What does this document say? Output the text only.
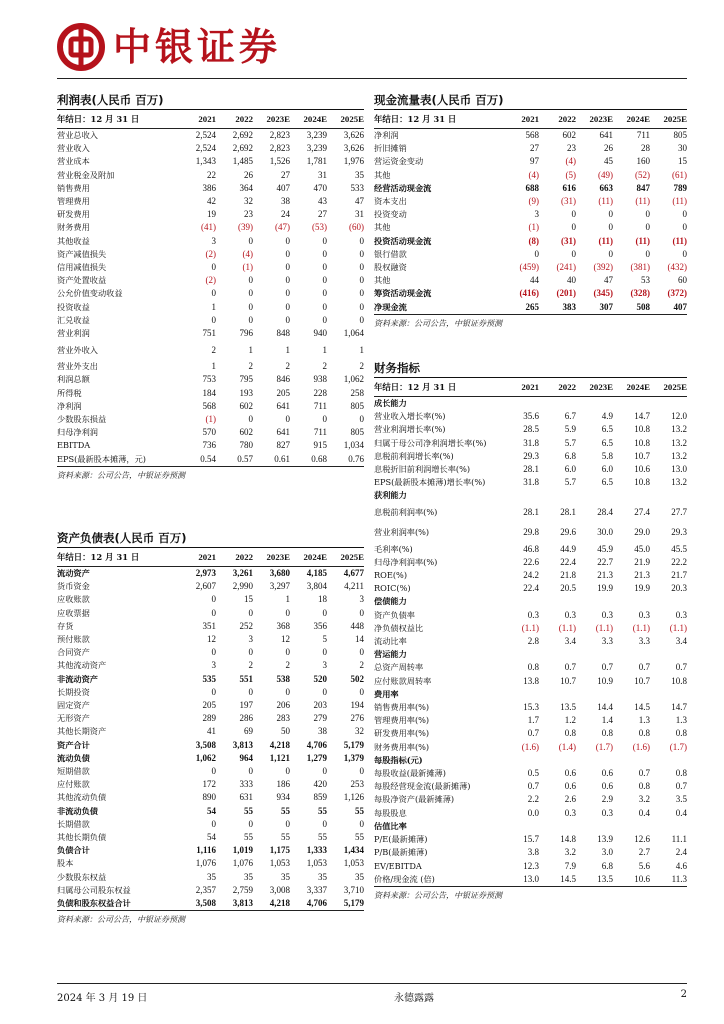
中银证券
利润表(人民币 百万)
年结日：12 月 31 日	2021	2022	2023E	2024E	2025E
营业总收入	2,524	2,692	2,823	3,239	3,626
营业收入	2,524	2,692	2,823	3,239	3,626
营业成本	1,343	1,485	1,526	1,781	1,976
营业税金及附加	22	26	27	31	35
销售费用	386	364	407	470	533
管理费用	42	32	38	43	47
研发费用	19	23	24	27	31
财务费用	(41)	(39)	(47)	(53)	(60)
其他收益	3	0	0	0	0
资产减值损失	(2)	(4)	0	0	0
信用减值损失	0	(1)	0	0	0
资产处置收益	(2)	0	0	0	0
公允价值变动收益	0	0	0	0	0
投资收益	1	0	0	0	0
汇兑收益	0	0	0	0	0
营业利润	751	796	848	940	1,064
营业外收入	2	1	1	1	1
营业外支出	1	2	2	2	2
利润总额	753	795	846	938	1,062
所得税	184	193	205	228	258
净利润	568	602	641	711	805
少数股东损益	(1)	0	0	0	0
归母净利润	570	602	641	711	805
EBITDA	736	780	827	915	1,034
EPS(最新股本摊薄，元)	0.54	0.57	0.61	0.68	0.76
资料来源：公司公告，中银证券预测
资产负债表(人民币 百万)
年结日：12 月 31 日	2021	2022	2023E	2024E	2025E
流动资产	2,973	3,261	3,680	4,185	4,677
货币资金	2,607	2,990	3,297	3,804	4,211
应收账款	0	15	1	18	3
应收票据	0	0	0	0	0
存货	351	252	368	356	448
预付账款	12	3	12	5	14
合同资产	0	0	0	0	0
其他流动资产	3	2	2	3	2
非流动资产	535	551	538	520	502
长期投资	0	0	0	0	0
固定资产	205	197	206	203	194
无形资产	289	286	283	279	276
其他长期资产	41	69	50	38	32
资产合计	3,508	3,813	4,218	4,706	5,179
流动负债	1,062	964	1,121	1,279	1,379
短期借款	0	0	0	0	0
应付账款	172	333	186	420	253
其他流动负债	890	631	934	859	1,126
非流动负债	54	55	55	55	55
长期借款	0	0	0	0	0
其他长期负债	54	55	55	55	55
负债合计	1,116	1,019	1,175	1,333	1,434
股本	1,076	1,076	1,053	1,053	1,053
少数股东权益	35	35	35	35	35
归属母公司股东权益	2,357	2,759	3,008	3,337	3,710
负债和股东权益合计	3,508	3,813	4,218	4,706	5,179
资料来源：公司公告，中银证券预测
现金流量表(人民币 百万)
年结日：12 月 31 日	2021	2022	2023E	2024E	2025E
净利润	568	602	641	711	805
折旧摊销	27	23	26	28	30
营运资金变动	97	(4)	45	160	15
其他	(4)	(5)	(49)	(52)	(61)
经营活动现金流	688	616	663	847	789
资本支出	(9)	(31)	(11)	(11)	(11)
投资变动	3	0	0	0	0
其他	(1)	0	0	0	0
投资活动现金流	(8)	(31)	(11)	(11)	(11)
银行借款	0	0	0	0	0
股权融资	(459)	(241)	(392)	(381)	(432)
其他	44	40	47	53	60
筹资活动现金流	(416)	(201)	(345)	(328)	(372)
净现金流	265	383	307	508	407
资料来源：公司公告，中银证券预测
财务指标
年结日：12 月 31 日	2021	2022	2023E	2024E	2025E
成长能力					
营业收入增长率(%)	35.6	6.7	4.9	14.7	12.0
营业利润增长率(%)	28.5	5.9	6.5	10.8	13.2
归属于母公司净利润增长率(%)	31.8	5.7	6.5	10.8	13.2
息税前利润增长率(%)	29.3	6.8	5.8	10.7	13.2
息税折旧前利润增长率(%)	28.1	6.0	6.0	10.6	13.0
EPS(最新股本摊薄)增长率(%)	31.8	5.7	6.5	10.8	13.2
获利能力					
息税前利润率(%)	28.1	28.1	28.4	27.4	27.7
营业利润率(%)	29.8	29.6	30.0	29.0	29.3
毛利率(%)	46.8	44.9	45.9	45.0	45.5
归母净利润率(%)	22.6	22.4	22.7	21.9	22.2
ROE(%)	24.2	21.8	21.3	21.3	21.7
ROIC(%)	22.4	20.5	19.9	19.9	20.3
偿债能力					
资产负债率	0.3	0.3	0.3	0.3	0.3
净负债权益比	(1.1)	(1.1)	(1.1)	(1.1)	(1.1)
流动比率	2.8	3.4	3.3	3.3	3.4
营运能力					
总资产周转率	0.8	0.7	0.7	0.7	0.7
应付账款周转率	13.8	10.7	10.9	10.7	10.8
费用率					
销售费用率(%)	15.3	13.5	14.4	14.5	14.7
管理费用率(%)	1.7	1.2	1.4	1.3	1.3
研发费用率(%)	0.7	0.8	0.8	0.8	0.8
财务费用率(%)	(1.6)	(1.4)	(1.7)	(1.6)	(1.7)
每股指标(元)					
每股收益(最新摊薄)	0.5	0.6	0.6	0.7	0.8
每股经营现金流(最新摊薄)	0.7	0.6	0.6	0.8	0.7
每股净资产(最新摊薄)	2.2	2.6	2.9	3.2	3.5
每股股息	0.0	0.3	0.3	0.4	0.4
估值比率					
P/E(最新摊薄)	15.7	14.8	13.9	12.6	11.1
P/B(最新摊薄)	3.8	3.2	3.0	2.7	2.4
EV/EBITDA	12.3	7.9	6.8	5.6	4.6
价格/现金流 (倍)	13.0	14.5	13.5	10.6	11.3
资料来源：公司公告，中银证券预测
2024 年 3 月 19 日	永德露露	2
